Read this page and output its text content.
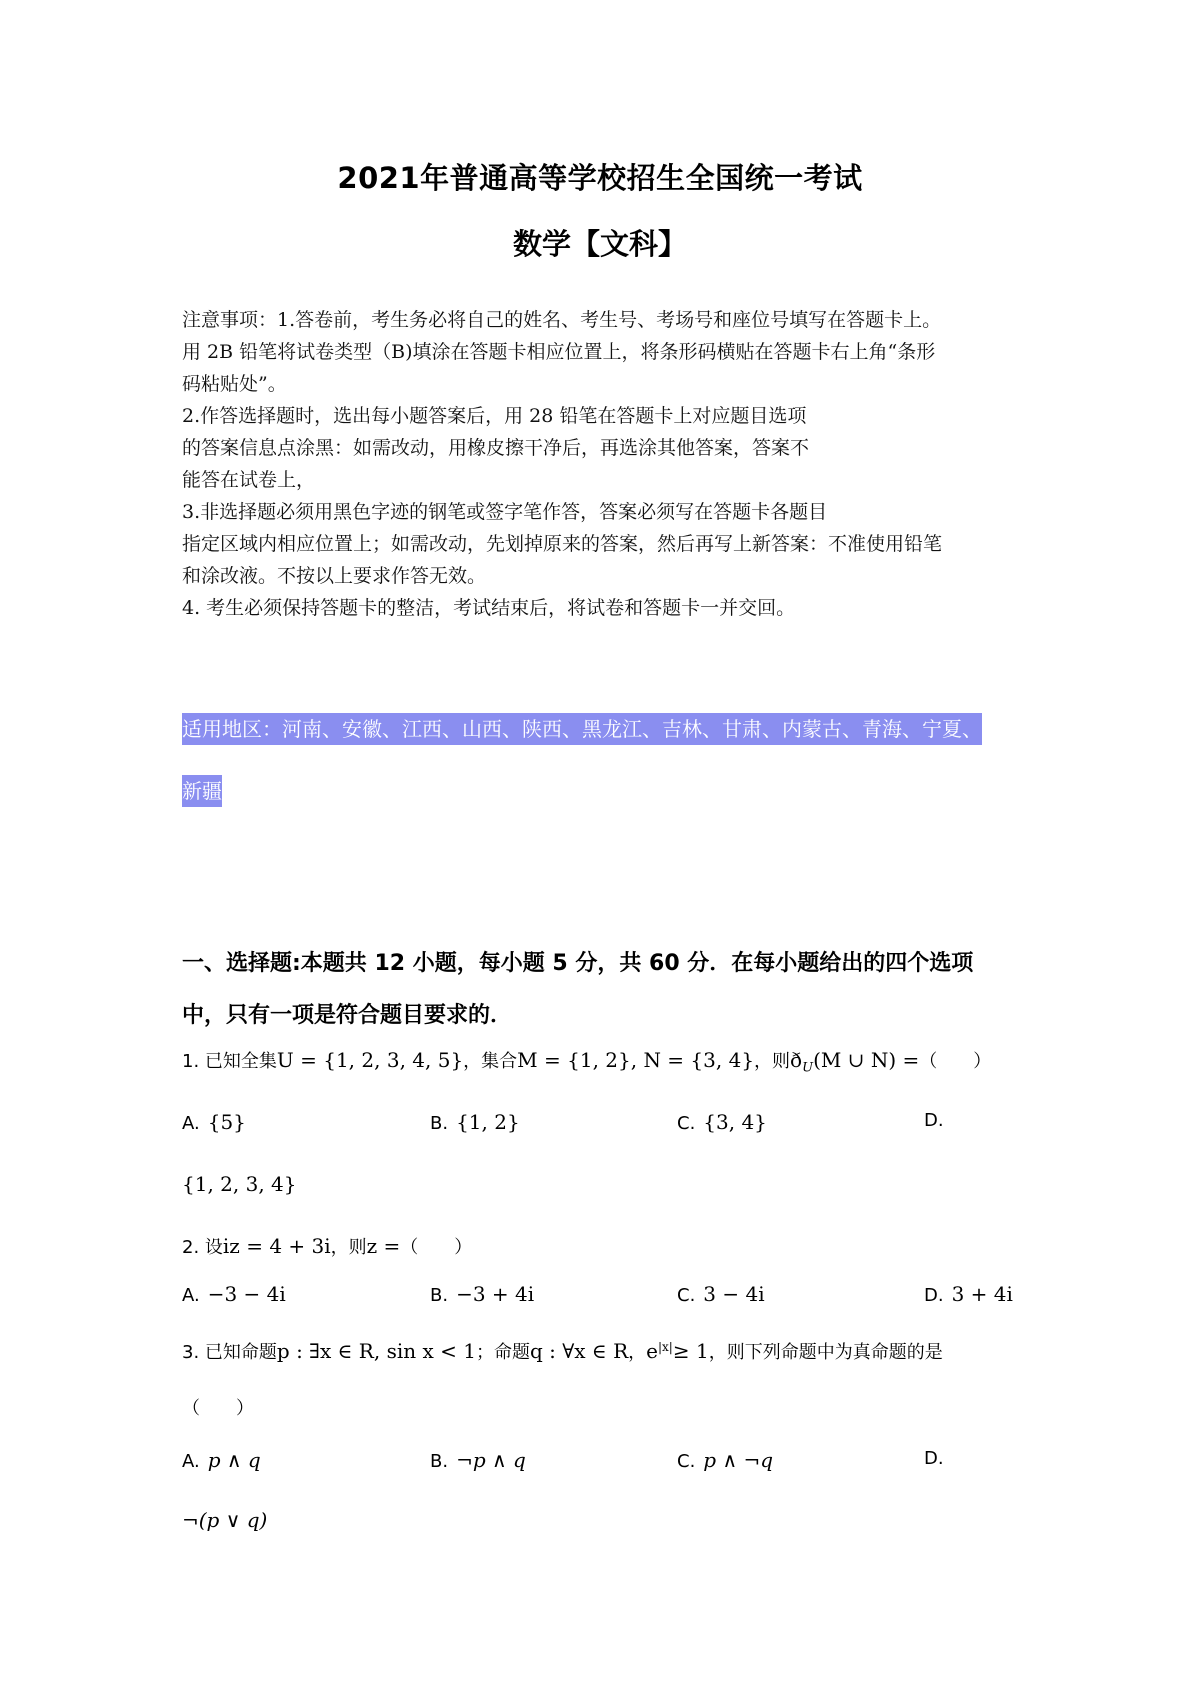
2021年普通高等学校招生全国统一考试
数学【文科】
注意事项：1.答卷前，考生务必将自己的姓名、考生号、考场号和座位号填写在答题卡上。
用 2B 铅笔将试卷类型（B)填涂在答题卡相应位置上，将条形码横贴在答题卡右上角“条形
码粘贴处”。
2.作答选择题时，选出每小题答案后，用 28 铅笔在答题卡上对应题目选项
的答案信息点涂黑：如需改动，用橡皮擦干净后，再选涂其他答案，答案不
能答在试卷上，
3.非选择题必须用黑色字迹的钢笔或签字笔作答，答案必须写在答题卡各题目
指定区域内相应位置上；如需改动，先划掉原来的答案，然后再写上新答案：不准使用铅笔
和涂改液。不按以上要求作答无效。
4. 考生必须保持答题卡的整洁，考试结束后，将试卷和答题卡一并交回。
适用地区：河南、安徽、江西、山西、陕西、黑龙江、吉林、甘肃、内蒙古、青海、宁夏、
新疆
一、选择题:本题共 12 小题，每小题 5 分，共 60 分．在每小题给出的四个选项
中，只有一项是符合题目要求的．
1. 已知全集U = {1, 2, 3, 4, 5}，集合M = {1, 2}, N = {3, 4}，则$ð_U(M$ ∪ N) =（　　）
A. {5}	B. {1, 2}	C. {3, 4}	D.
{1, 2, 3, 4}
2. 设iz = 4 + 3i，则z =（　　）
A. −3 − 4i	B. −3 + 4i	C. 3 − 4i	D. 3 + 4i
3. 已知命题p : ∃x ∈ R, sin x < 1；命题q : ∀x ∈ R，$e^{|x|}\ge 1$，则下列命题中为真命题的是
（　　）
A. p ∧ q	B. ¬p ∧ q	C. p ∧ ¬q	D.
¬(p ∨ q)
